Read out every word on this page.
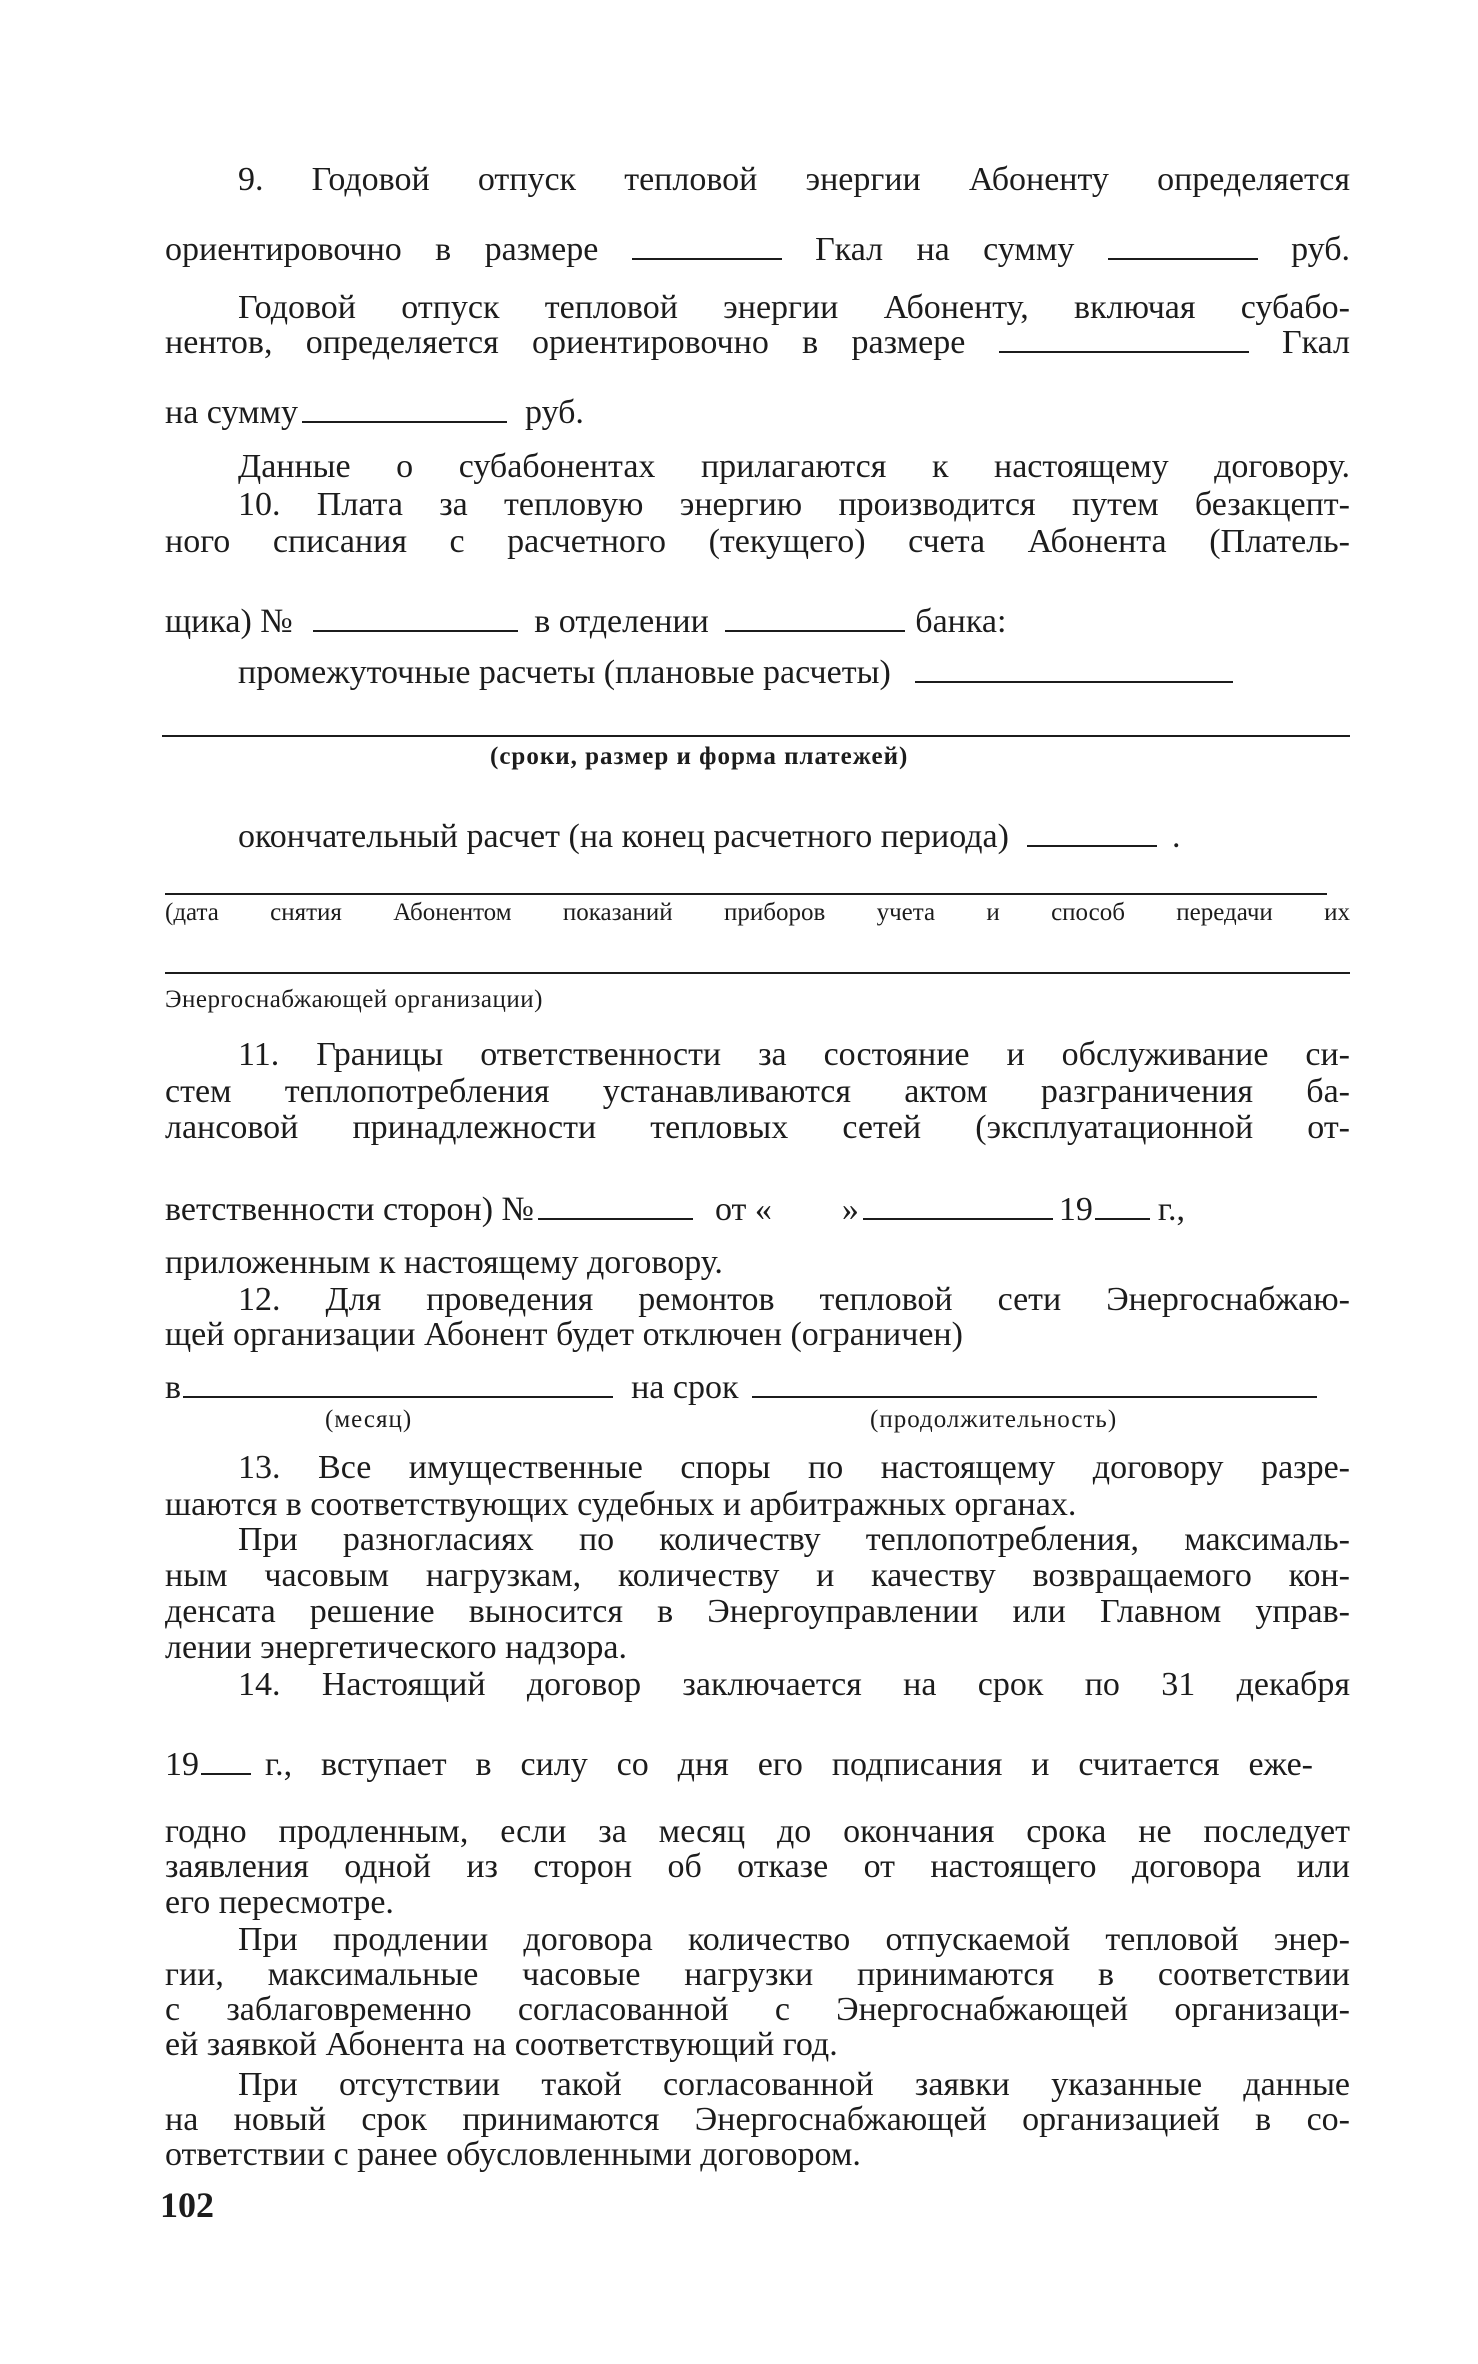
9. Годовой отпуск тепловой энергии Абоненту определяется
ориентировочно в размере	Гкал на сумму	руб.
Годовой отпуск тепловой энергии Абоненту, включая субабо-
нентов, определяется ориентировочно в размере	Гкал
на сумму	руб.
Данные о субабонентах прилагаются к настоящему договору.
10. Плата за тепловую энергию производится путем безакцепт-
ного списания с расчетного (текущего) счета Абонента (Платель-
щика) №	в отделении	банка:
промежуточные расчеты (плановые расчеты)
(сроки, размер и форма платежей)
окончательный расчет (на конец расчетного периода)	.
(дата снятия Абонентом показаний приборов учета и способ передачи их
Энергоснабжающей организации)
11. Границы ответственности за состояние и обслуживание си-
стем теплопотребления устанавливаются актом разграничения ба-
лансовой принадлежности тепловых сетей (эксплуатационной от-
ветственности сторон) №	от « »	19 г.,
приложенным к настоящему договору.
12. Для проведения ремонтов тепловой сети Энергоснабжаю-
щей организации Абонент будет отключен (ограничен)
в	на срок
(месяц)	(продолжительность)
13. Все имущественные споры по настоящему договору разре-
шаются в соответствующих судебных и арбитражных органах.
При разногласиях по количеству теплопотребления, максималь-
ным часовым нагрузкам, количеству и качеству возвращаемого кон-
денсата решение выносится в Энергоуправлении или Главном управ-
лении энергетического надзора.
14. Настоящий договор заключается на срок по 31 декабря
19 г., вступает в силу со дня его подписания и считается еже-
годно продленным, если за месяц до окончания срока не последует
заявления одной из сторон об отказе от настоящего договора или
его пересмотре.
При продлении договора количество отпускаемой тепловой энер-
гии, максимальные часовые нагрузки принимаются в соответствии
с заблаговременно согласованной с Энергоснабжающей организаци-
ей заявкой Абонента на соответствующий год.
При отсутствии такой согласованной заявки указанные данные
на новый срок принимаются Энергоснабжающей организацией в со-
ответствии с ранее обусловленными договором.
102
